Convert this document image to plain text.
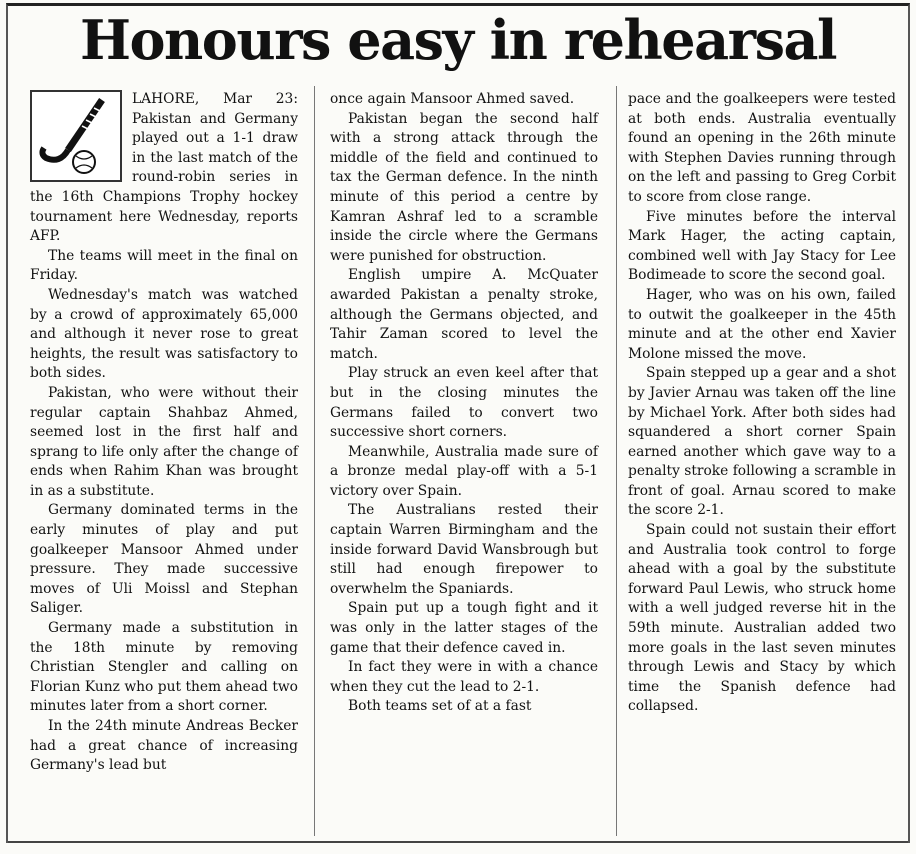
Honours easy in rehearsal

LAHORE, Mar 23: Pakistan and Germany played out a 1-1 draw in the last match of the round-robin series in the 16th Champions Trophy hockey tournament here Wednesday, reports AFP.

The teams will meet in the final on Friday.

Wednesday's match was watched by a crowd of approximately 65,000 and although it never rose to great heights, the result was satisfactory to both sides.

Pakistan, who were without their regular captain Shahbaz Ahmed, seemed lost in the first half and sprang to life only after the change of ends when Rahim Khan was brought in as a substitute.

Germany dominated terms in the early minutes of play and put goalkeeper Mansoor Ahmed under pressure. They made successive moves of Uli Moissl and Stephan Saliger.

Germany made a substitution in the 18th minute by removing Christian Stengler and calling on Florian Kunz who put them ahead two minutes later from a short corner.

In the 24th minute Andreas Becker had a great chance of increasing Germany's lead but

once again Mansoor Ahmed saved.

Pakistan began the second half with a strong attack through the middle of the field and continued to tax the German defence. In the ninth minute of this period a centre by Kamran Ashraf led to a scramble inside the circle where the Germans were punished for obstruction.

English umpire A. McQuater awarded Pakistan a penalty stroke, although the Germans objected, and Tahir Zaman scored to level the match.

Play struck an even keel after that but in the closing minutes the Germans failed to convert two successive short corners.

Meanwhile, Australia made sure of a bronze medal play-off with a 5-1 victory over Spain.

The Australians rested their captain Warren Birmingham and the inside forward David Wansbrough but still had enough firepower to overwhelm the Spaniards.

Spain put up a tough fight and it was only in the latter stages of the game that their defence caved in.

In fact they were in with a chance when they cut the lead to 2-1.

Both teams set of at a fast

pace and the goalkeepers were tested at both ends. Australia eventually found an opening in the 26th minute with Stephen Davies running through on the left and passing to Greg Corbit to score from close range.

Five minutes before the interval Mark Hager, the acting captain, combined well with Jay Stacy for Lee Bodimeade to score the second goal.

Hager, who was on his own, failed to outwit the goalkeeper in the 45th minute and at the other end Xavier Molone missed the move.

Spain stepped up a gear and a shot by Javier Arnau was taken off the line by Michael York. After both sides had squandered a short corner Spain earned another which gave way to a penalty stroke following a scramble in front of goal. Arnau scored to make the score 2-1.

Spain could not sustain their effort and Australia took control to forge ahead with a goal by the substitute forward Paul Lewis, who struck home with a well judged reverse hit in the 59th minute. Australian added two more goals in the last seven minutes through Lewis and Stacy by which time the Spanish defence had collapsed.
